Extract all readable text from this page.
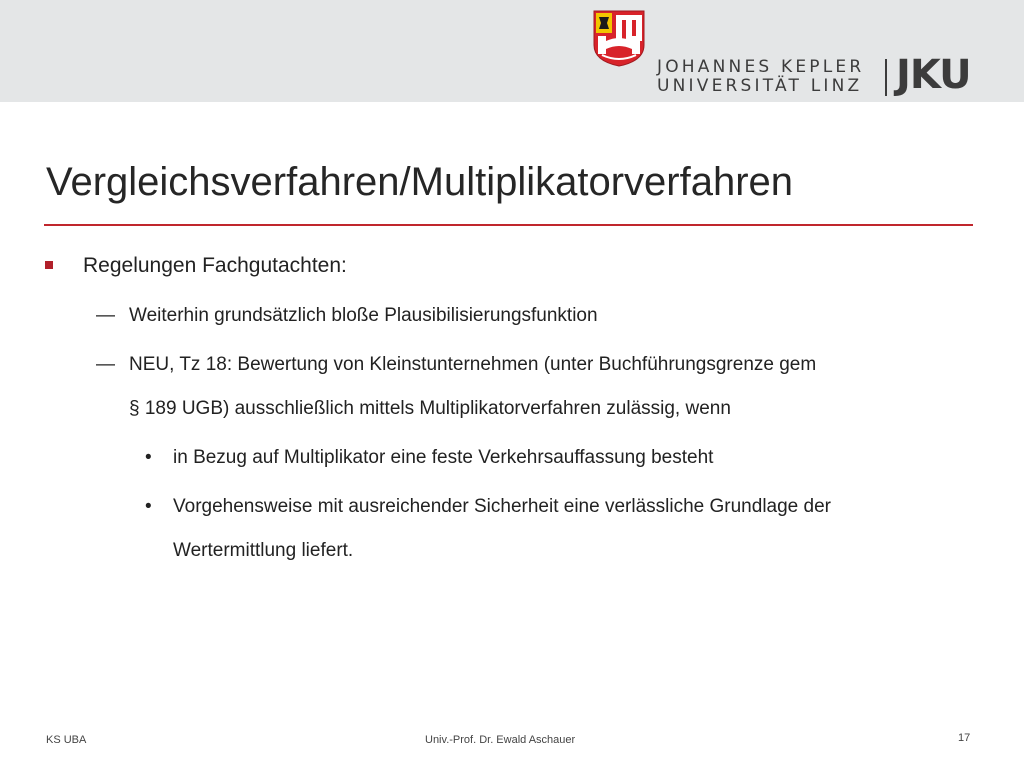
JOHANNES KEPLER
UNIVERSITÄT LINZ JKU
Vergleichsverfahren/Multiplikatorverfahren
Regelungen Fachgutachten:
— Weiterhin grundsätzlich bloße Plausibilisierungsfunktion
— NEU, Tz 18: Bewertung von Kleinstunternehmen (unter Buchführungsgrenze gem
§ 189 UGB) ausschließlich mittels Multiplikatorverfahren zulässig, wenn
• in Bezug auf Multiplikator eine feste Verkehrsauffassung besteht
• Vorgehensweise mit ausreichender Sicherheit eine verlässliche Grundlage der
Wertermittlung liefert.
KS UBA	Univ.-Prof. Dr. Ewald Aschauer	17
